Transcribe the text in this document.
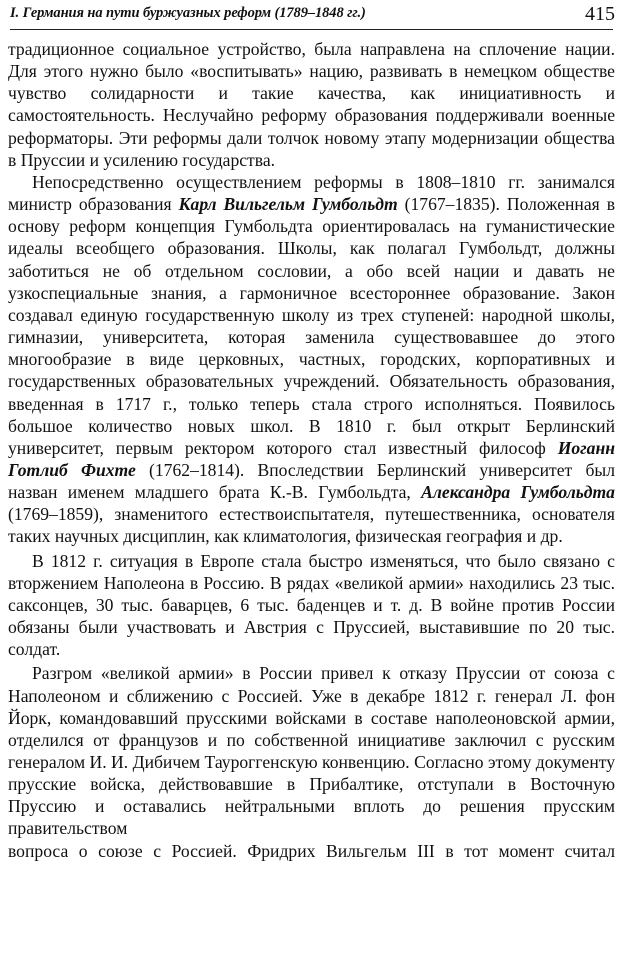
I. Германия на пути буржуазных реформ (1789–1848 гг.)	415

традиционное социальное устройство, была направлена на сплочение нации. Для этого нужно было «воспитывать» нацию, развивать в немецком обществе чувство солидарности и такие качества, как инициативность и самостоятельность. Неслучайно реформу образования поддерживали военные реформаторы. Эти реформы дали толчок новому этапу модернизации общества в Пруссии и усилению государства.

Непосредственно осуществлением реформы в 1808–1810 гг. занимался министр образования Карл Вильгельм Гумбольдт (1767–1835). Положенная в основу реформ концепция Гумбольдта ориентировалась на гуманистические идеалы всеобщего образования. Школы, как полагал Гумбольдт, должны заботиться не об отдельном сословии, а обо всей нации и давать не узкоспециальные знания, а гармоничное всестороннее образование. Закон создавал единую государственную школу из трех ступеней: народной школы, гимназии, университета, которая заменила существовавшее до этого многообразие в виде церковных, частных, городских, корпоративных и государственных образовательных учреждений. Обязательность образования, введенная в 1717 г., только теперь стала строго исполняться. Появилось большое количество новых школ. В 1810 г. был открыт Берлинский университет, первым ректором которого стал известный философ Иоганн Готлиб Фихте (1762–1814). Впоследствии Берлинский университет был назван именем младшего брата К.-В. Гумбольдта, Александра Гумбольдта (1769–1859), знаменитого естествоиспытателя, путешественника, основателя таких научных дисциплин, как климатология, физическая география и др.

В 1812 г. ситуация в Европе стала быстро изменяться, что было связано с вторжением Наполеона в Россию. В рядах «великой армии» находились 23 тыс. саксонцев, 30 тыс. баварцев, 6 тыс. баденцев и т. д. В войне против России обязаны были участвовать и Австрия с Пруссией, выставившие по 20 тыс. солдат.

Разгром «великой армии» в России привел к отказу Пруссии от союза с Наполеоном и сближению с Россией. Уже в декабре 1812 г. генерал Л. фон Йорк, командовавший прусскими войсками в составе наполеоновской армии, отделился от французов и по собственной инициативе заключил с русским генералом И. И. Дибичем Тауроггенскую конвенцию. Согласно этому документу прусские войска, действовавшие в Прибалтике, отступали в Восточную Пруссию и оставались нейтральными вплоть до решения прусским правительством

вопроса о союзе с Россией. Фридрих Вильгельм III в тот момент считал
